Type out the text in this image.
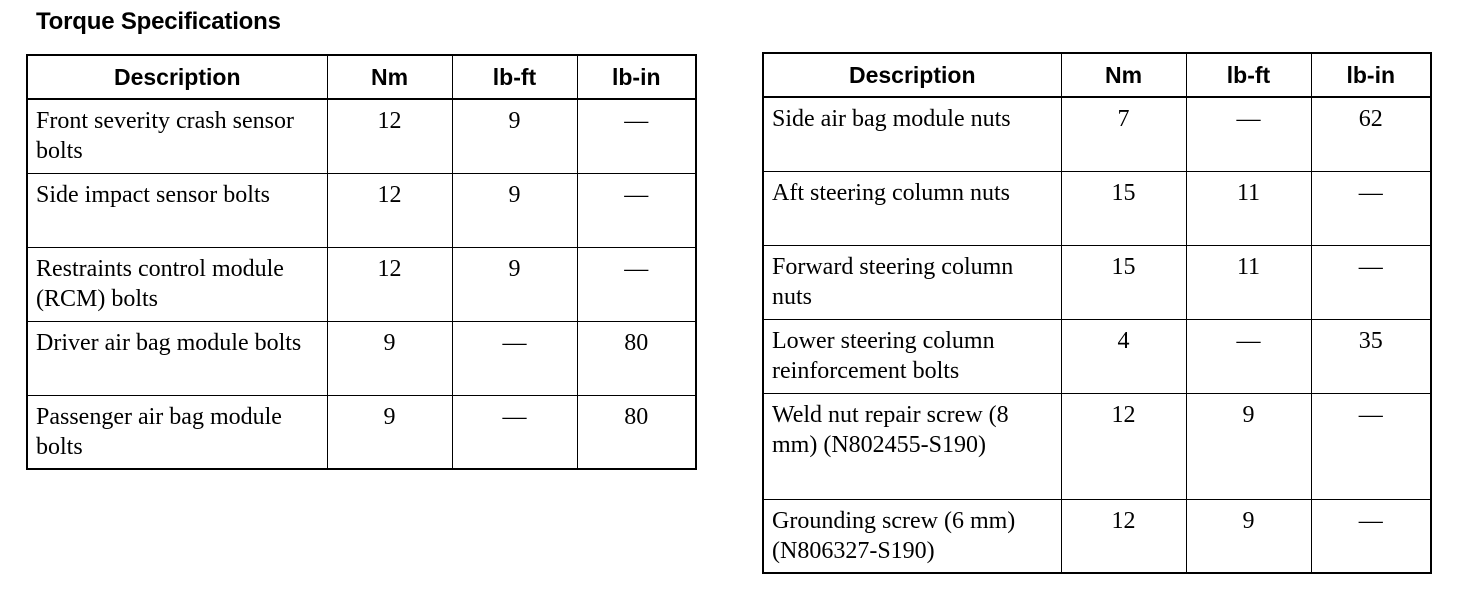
Torque Specifications
Description	Nm	lb-ft	lb-in
Front severity crash sensor bolts	12	9	—
Side impact sensor bolts	12	9	—
Restraints control module (RCM) bolts	12	9	—
Driver air bag module bolts	9	—	80
Passenger air bag module bolts	9	—	80
Description	Nm	lb-ft	lb-in
Side air bag module nuts	7	—	62
Aft steering column nuts	15	11	—
Forward steering column nuts	15	11	—
Lower steering column reinforcement bolts	4	—	35
Weld nut repair screw (8 mm) (N802455-S190)	12	9	—
Grounding screw (6 mm) (N806327-S190)	12	9	—
